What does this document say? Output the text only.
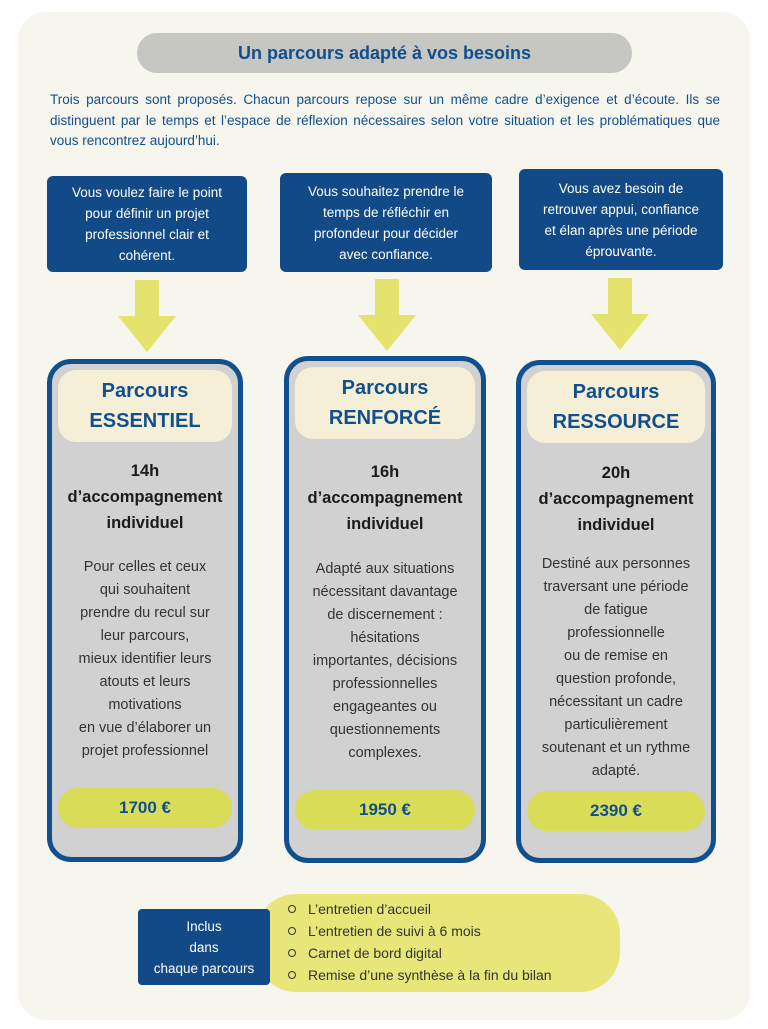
Un parcours adapté à vos besoins

Trois parcours sont proposés. Chacun parcours repose sur un même cadre d’exigence et d’écoute. Ils se distinguent par le temps et l’espace de réflexion nécessaires selon votre situation et les problématiques que vous rencontrez aujourd’hui.

Vous voulez faire le point
pour définir un projet
professionnel clair et
cohérent.
Vous souhaitez prendre le
temps de réfléchir en
profondeur pour décider
avec confiance.
Vous avez besoin de
retrouver appui, confiance
et élan après une période
éprouvante.
Parcours
ESSENTIEL
14h
d’accompagnement
individuel
Pour celles et ceux
qui souhaitent
prendre du recul sur
leur parcours,
mieux identifier leurs
atouts et leurs
motivations
en vue d’élaborer un
projet professionnel
1700 €
Parcours
RENFORCÉ
16h
d’accompagnement
individuel
Adapté aux situations
nécessitant davantage
de discernement :
hésitations
importantes, décisions
professionnelles
engageantes ou
questionnements
complexes.
1950 €
Parcours
RESSOURCE
20h
d’accompagnement
individuel
Destiné aux personnes
traversant une période
de fatigue
professionnelle
ou de remise en
question profonde,
nécessitant un cadre
particulièrement
soutenant et un rythme
adapté.
2390 €
Inclus
dans
chaque parcours
L’entretien d’accueil
L’entretien de suivi à 6 mois
Carnet de bord digital
Remise d’une synthèse à la fin du bilan
